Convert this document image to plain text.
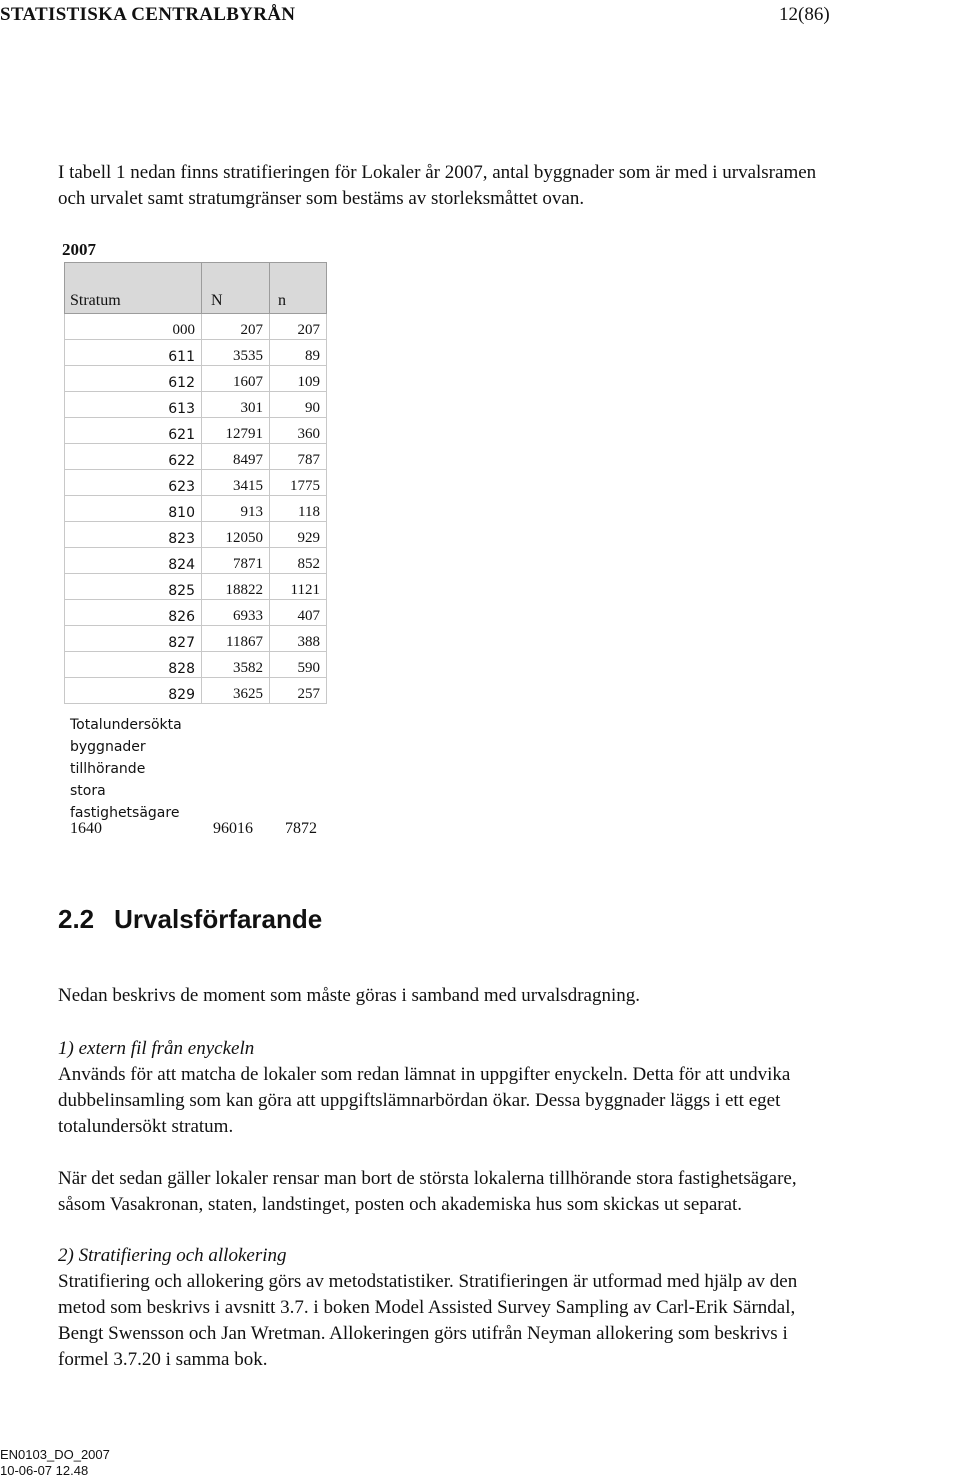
STATISTISKA CENTRALBYRÅN	12(86)
I tabell 1 nedan finns stratifieringen för Lokaler år 2007, antal byggnader som är med i urvalsramen
och urvalet samt stratumgränser som bestäms av storleksmåttet ovan.
2007
Stratum	N	n
000	207	207
611	3535	89
612	1607	109
613	301	90
621	12791	360
622	8497	787
623	3415	1775
810	913	118
823	12050	929
824	7871	852
825	18822	1121
826	6933	407
827	11867	388
828	3582	590
829	3625	257
Totalundersökta
byggnader
tillhörande
stora
fastighetsägare
1640	96016 7872
2.2 Urvalsförfarande
Nedan beskrivs de moment som måste göras i samband med urvalsdragning.
1) extern fil från enyckeln
Används för att matcha de lokaler som redan lämnat in uppgifter enyckeln. Detta för att undvika
dubbelinsamling som kan göra att uppgiftslämnarbördan ökar. Dessa byggnader läggs i ett eget
totalundersökt stratum.
När det sedan gäller lokaler rensar man bort de största lokalerna tillhörande stora fastighetsägare,
såsom Vasakronan, staten, landstinget, posten och akademiska hus som skickas ut separat.
2) Stratifiering och allokering
Stratifiering och allokering görs av metodstatistiker. Stratifieringen är utformad med hjälp av den
metod som beskrivs i avsnitt 3.7. i boken Model Assisted Survey Sampling av Carl-Erik Särndal,
Bengt Swensson och Jan Wretman. Allokeringen görs utifrån Neyman allokering som beskrivs i
formel 3.7.20 i samma bok.
EN0103_DO_2007
10-06-07 12.48
